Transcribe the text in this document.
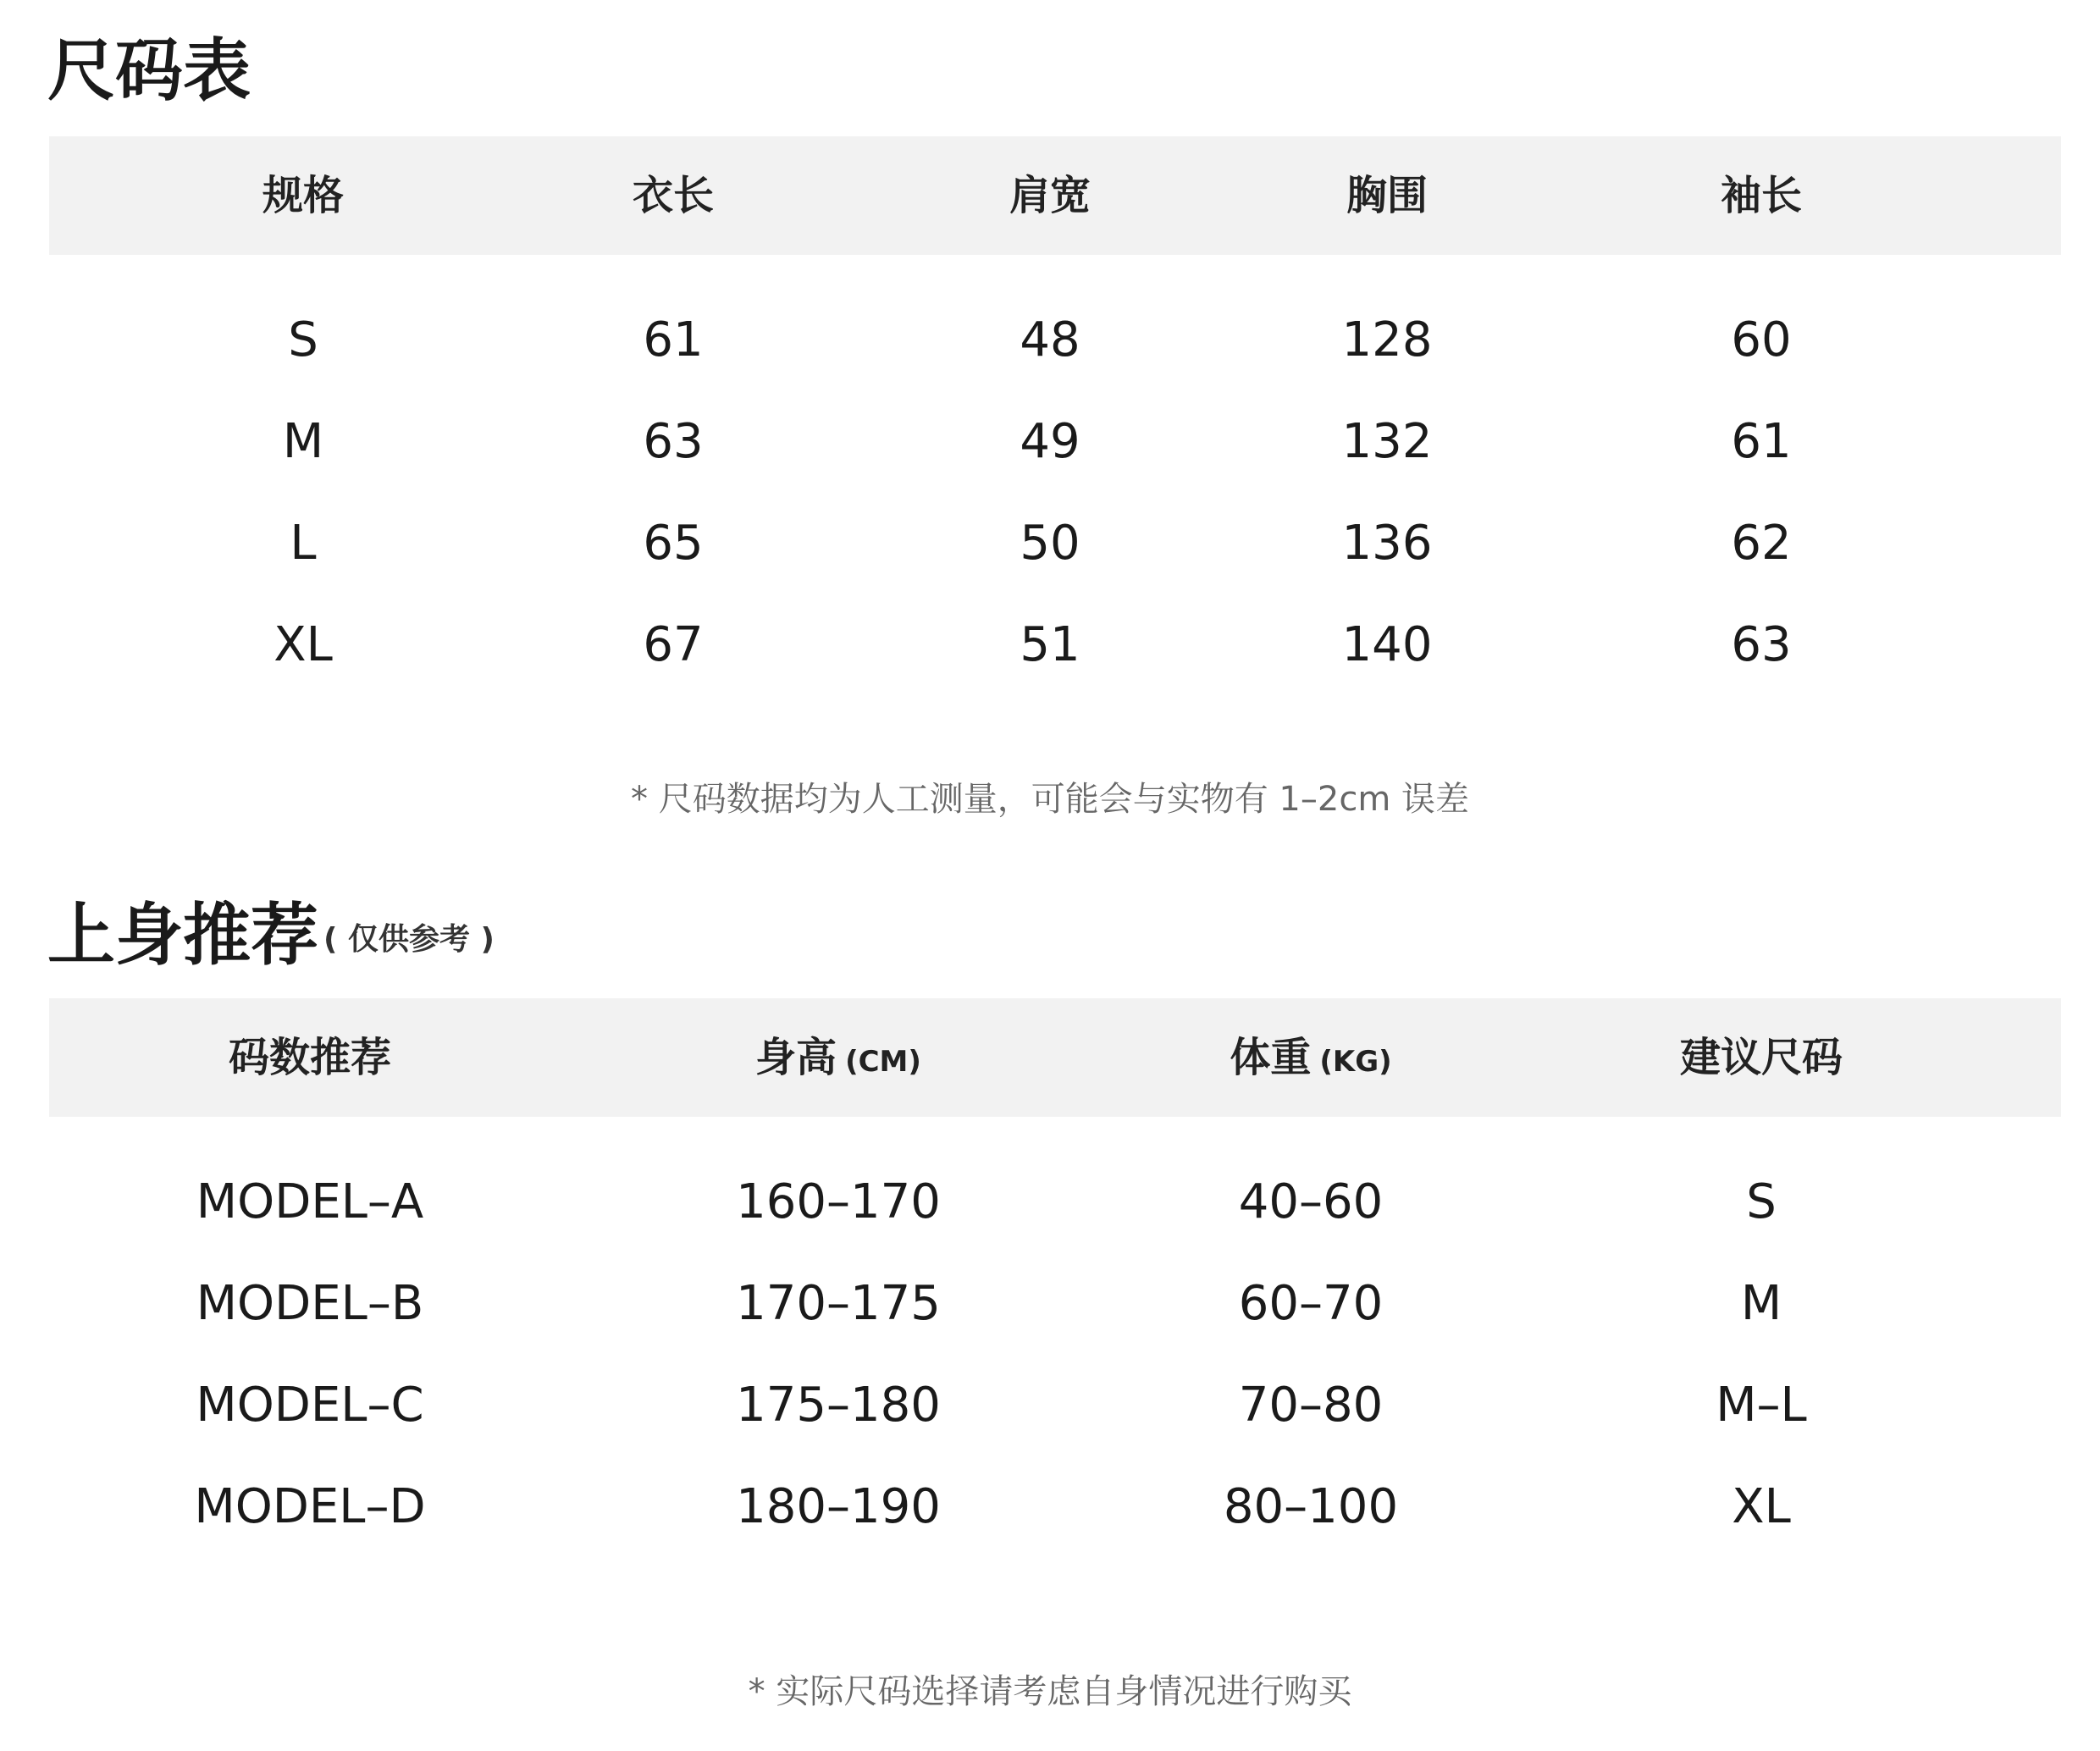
尺码表
规格	衣长	肩宽	胸围	袖长
S	61	48	128	60
M	63	49	132	61
L	65	50	136	62
XL	67	51	140	63
* 尺码数据均为人工测量，可能会与实物有 1–2cm 误差
上身推荐 ( 仅供参考 )
码数推荐	身高 (CM)	体重 (KG)	建议尺码
MODEL–A	160–170	40–60	S
MODEL–B	170–175	60–70	M
MODEL–C	175–180	70–80	M–L
MODEL–D	180–190	80–100	XL
* 实际尺码选择请考虑自身情况进行购买
